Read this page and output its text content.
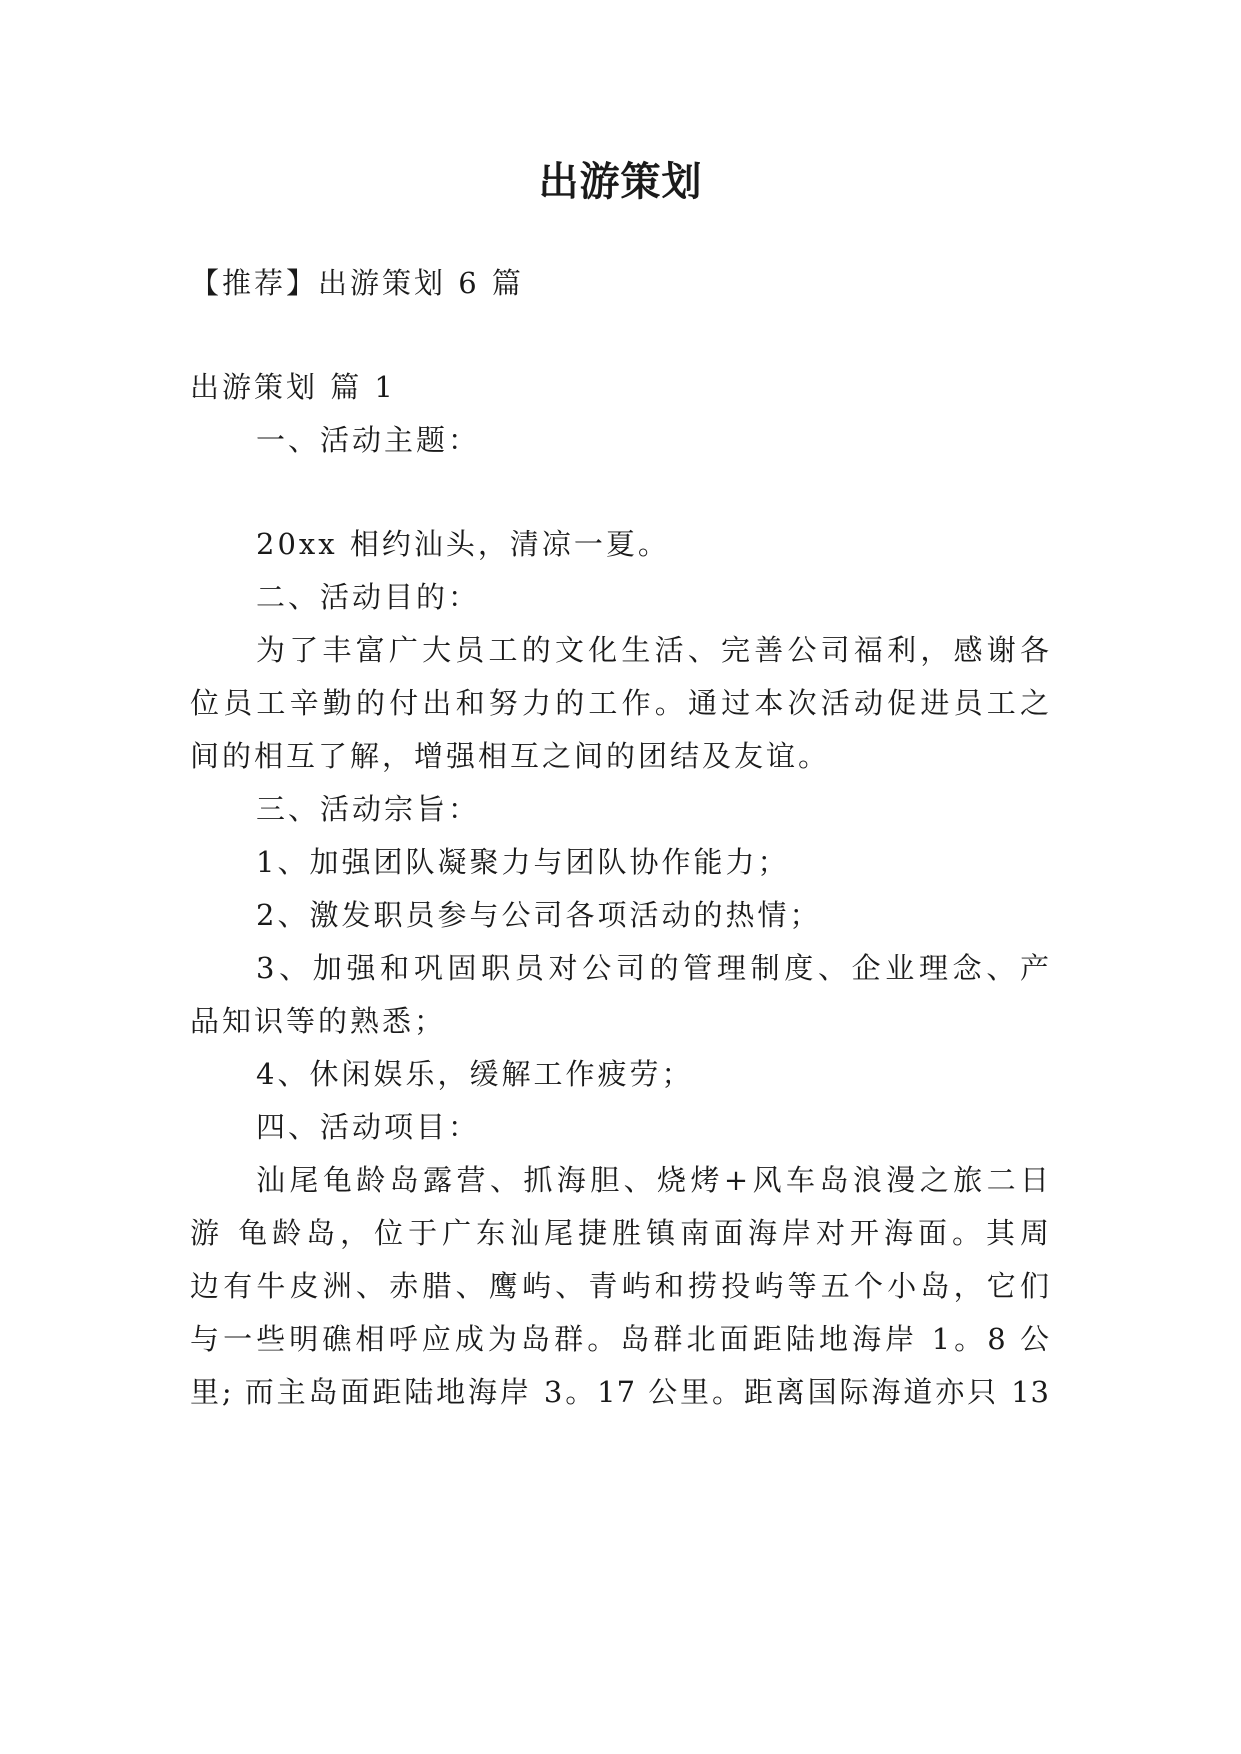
出游策划
【推荐】出游策划 6 篇
出游策划 篇 1
一、活动主题：
20xx 相约汕头，清凉一夏。
二、活动目的：
为了丰富广大员工的文化生活、完善公司福利，感谢各
位员工辛勤的付出和努力的工作。通过本次活动促进员工之
间的相互了解，增强相互之间的团结及友谊。
三、活动宗旨：
1、加强团队凝聚力与团队协作能力；
2、激发职员参与公司各项活动的热情；
3、加强和巩固职员对公司的管理制度、企业理念、产
品知识等的熟悉；
4、休闲娱乐，缓解工作疲劳；
四、活动项目：
汕尾龟龄岛露营、抓海胆、烧烤+风车岛浪漫之旅二日
游 龟龄岛，位于广东汕尾捷胜镇南面海岸对开海面。其周
边有牛皮洲、赤腊、鹰屿、青屿和捞投屿等五个小岛，它们
与一些明礁相呼应成为岛群。岛群北面距陆地海岸 1。8 公
里; 而主岛面距陆地海岸 3。17 公里。距离国际海道亦只 13
